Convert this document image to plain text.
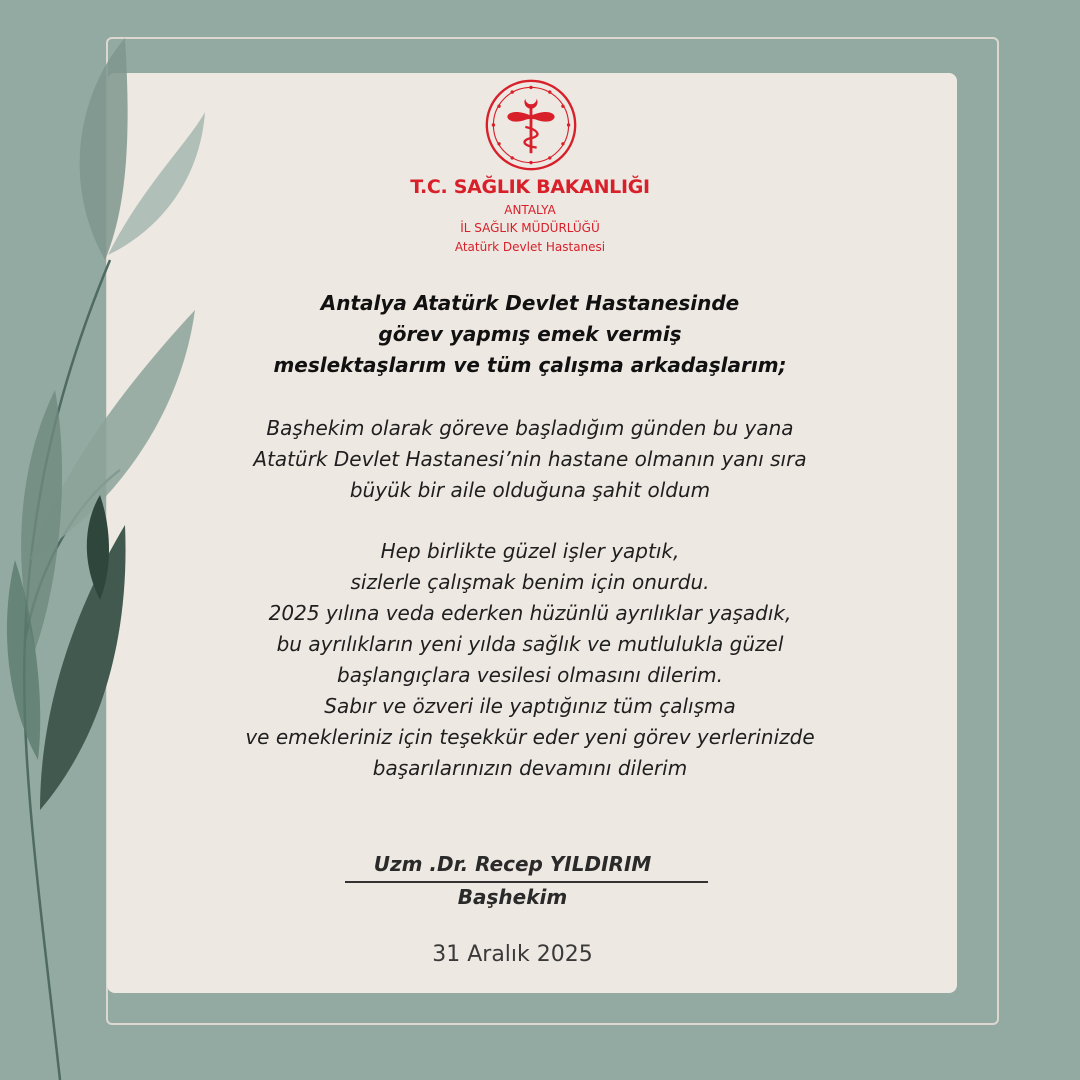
T.C. SAĞLIK BAKANLIĞI
ANTALYA
İL SAĞLIK MÜDÜRLÜĞÜ
Atatürk Devlet Hastanesi
Antalya Atatürk Devlet Hastanesinde
görev yapmış emek vermiş
meslektaşlarım ve tüm çalışma arkadaşlarım;
Başhekim olarak göreve başladığım günden bu yana
Atatürk Devlet Hastanesi’nin hastane olmanın yanı sıra
büyük bir aile olduğuna şahit oldum
Hep birlikte güzel işler yaptık,
sizlerle çalışmak benim için onurdu.
2025 yılına veda ederken hüzünlü ayrılıklar yaşadık,
bu ayrılıkların yeni yılda sağlık ve mutlulukla güzel
başlangıçlara vesilesi olmasını dilerim.
Sabır ve özveri ile yaptığınız tüm çalışma
ve emekleriniz için teşekkür eder yeni görev yerlerinizde
başarılarınızın devamını dilerim
Uzm .Dr. Recep YILDIRIM
Başhekim
31 Aralık 2025
